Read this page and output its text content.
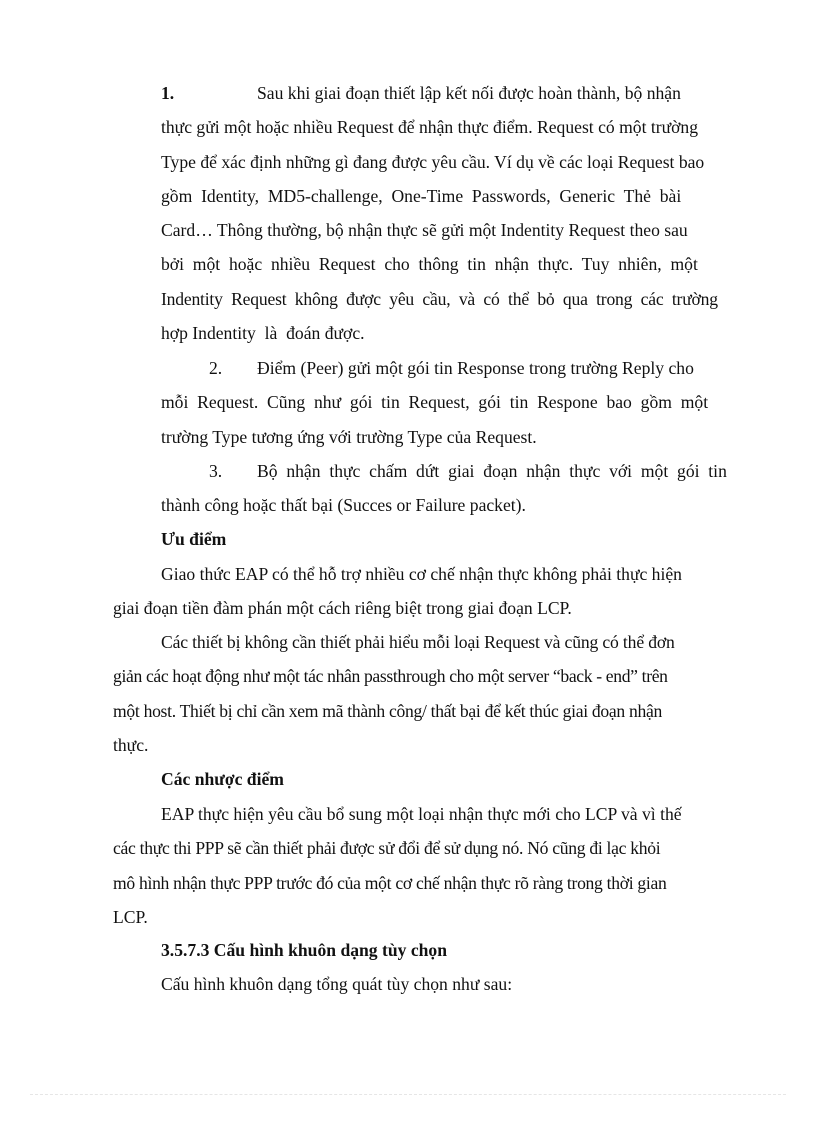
1.	Sau khi giai đoạn thiết lập kết nối được hoàn thành, bộ nhận
thực gửi một hoặc nhiều Request để nhận thực điểm. Request có một trường
Type để xác định những gì đang được yêu cầu. Ví dụ về các loại Request bao
gồm  Identity,  MD5-challenge,  One-Time  Passwords,  Generic  Thẻ  bài
Card… Thông thường, bộ nhận thực sẽ gửi một Indentity Request theo sau
bởi  một  hoặc  nhiều  Request  cho  thông  tin  nhận  thực.  Tuy  nhiên,  một
Indentity  Request  không  được  yêu  cầu,  và  có  thể  bỏ  qua  trong  các  trường
hợp Indentity  là  đoán được.
2. Điểm (Peer) gửi một gói tin Response trong trường Reply cho
mỗi  Request.  Cũng  như  gói  tin  Request,  gói  tin  Respone  bao  gồm  một
trường Type tương ứng với trường Type của Request.
3. Bộ  nhận  thực  chấm  dứt  giai  đoạn  nhận  thực  với  một  gói  tin
thành công hoặc thất bại (Succes or Failure packet).
Ưu điểm
Giao thức EAP có thể hỗ trợ nhiều cơ chế nhận thực không phải thực hiện
giai đoạn tiền đàm phán một cách riêng biệt trong giai đoạn LCP.
Các thiết bị không cần thiết phải hiểu mỗi loại Request và cũng có thể đơn
giản các hoạt động như một tác nhân passthrough cho một server “back - end” trên
một host. Thiết bị chỉ cần xem mã thành công/ thất bại để kết thúc giai đoạn nhận
thực.
Các nhược điểm
EAP thực hiện yêu cầu bổ sung một loại nhận thực mới cho LCP và vì thế
các thực thi PPP sẽ cần thiết phải được sử đổi để sử dụng nó. Nó cũng đi lạc khỏi
mô hình nhận thực PPP trước đó của một cơ chế nhận thực rõ ràng trong thời gian
LCP.
3.5.7.3 Cấu hình khuôn dạng tùy chọn
Cấu hình khuôn dạng tổng quát tùy chọn như sau:
